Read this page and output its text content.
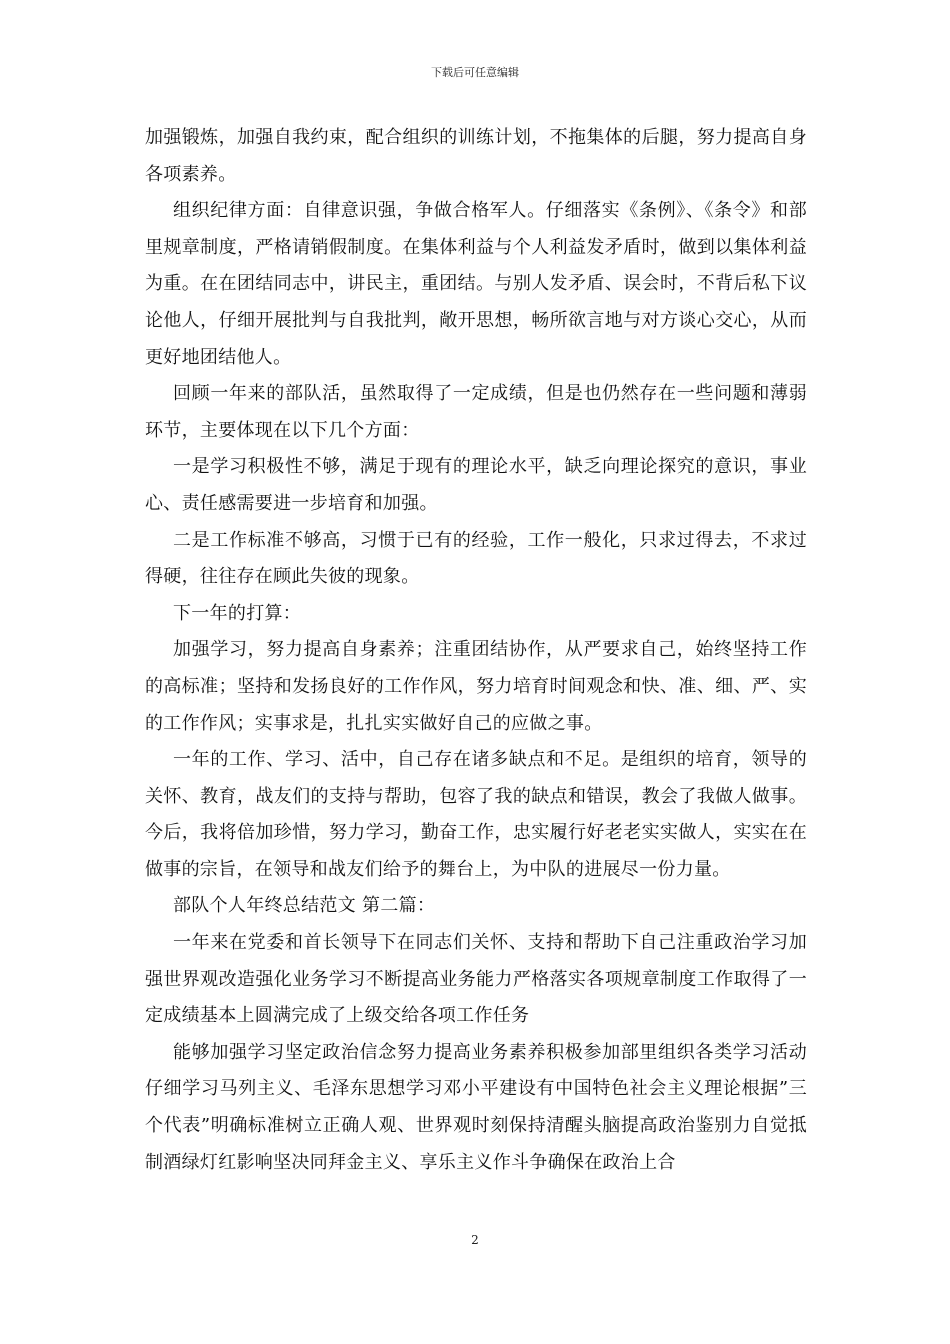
下载后可任意编辑

加强锻炼，加强自我约束，配合组织的训练计划，不拖集体的后腿，努力提高自身各项素养。

组织纪律方面：自律意识强，争做合格军人。仔细落实《条例》、《条令》和部里规章制度，严格请销假制度。在集体利益与个人利益发矛盾时，做到以集体利益为重。在在团结同志中，讲民主，重团结。与别人发矛盾、误会时，不背后私下议论他人，仔细开展批判与自我批判，敞开思想，畅所欲言地与对方谈心交心，从而更好地团结他人。

回顾一年来的部队活，虽然取得了一定成绩，但是也仍然存在一些问题和薄弱环节，主要体现在以下几个方面：

一是学习积极性不够，满足于现有的理论水平，缺乏向理论探究的意识，事业心、责任感需要进一步培育和加强。

二是工作标准不够高，习惯于已有的经验，工作一般化，只求过得去，不求过得硬，往往存在顾此失彼的现象。

下一年的打算：

加强学习，努力提高自身素养；注重团结协作，从严要求自己，始终坚持工作的高标准；坚持和发扬良好的工作作风，努力培育时间观念和快、准、细、严、实的工作作风；实事求是，扎扎实实做好自己的应做之事。

一年的工作、学习、活中，自己存在诸多缺点和不足。是组织的培育，领导的关怀、教育，战友们的支持与帮助，包容了我的缺点和错误，教会了我做人做事。今后，我将倍加珍惜，努力学习，勤奋工作，忠实履行好老老实实做人，实实在在做事的宗旨，在领导和战友们给予的舞台上，为中队的进展尽一份力量。

部队个人年终总结范文 第二篇：

一年来在党委和首长领导下在同志们关怀、支持和帮助下自己注重政治学习加强世界观改造强化业务学习不断提高业务能力严格落实各项规章制度工作取得了一定成绩基本上圆满完成了上级交给各项工作任务

能够加强学习坚定政治信念努力提高业务素养积极参加部里组织各类学习活动仔细学习马列主义、毛泽东思想学习邓小平建设有中国特色社会主义理论根据”三个代表”明确标准树立正确人观、世界观时刻保持清醒头脑提高政治鉴别力自觉抵制酒绿灯红影响坚决同拜金主义、享乐主义作斗争确保在政治上合

2
